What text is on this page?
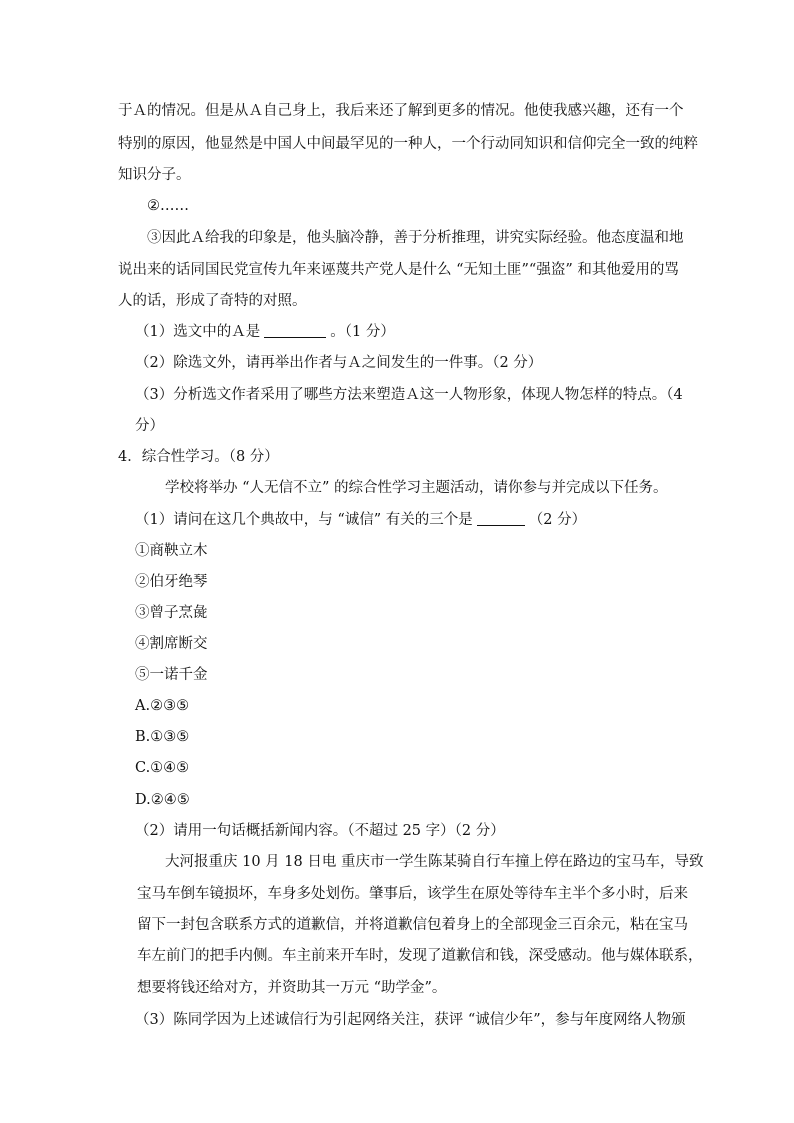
于Ａ的情况。但是从Ａ自己身上，我后来还了解到更多的情况。他使我感兴趣，还有一个
特别的原因，他显然是中国人中间最罕见的一种人，一个行动同知识和信仰完全一致的纯粹
知识分子。
②……
③因此Ａ给我的印象是，他头脑冷静，善于分析推理，讲究实际经验。他态度温和地
说出来的话同国民党宣传九年来诬蔑共产党人是什么 “无知土匪”“强盗” 和其他爱用的骂
人的话，形成了奇特的对照。
（1）选文中的Ａ是	。（1 分）
（2）除选文外，请再举出作者与Ａ之间发生的一件事。（2 分）
（3）分析选文作者采用了哪些方法来塑造Ａ这一人物形象，体现人物怎样的特点。（4
分）
4．综合性学习。（8 分）
学校将举办 “人无信不立” 的综合性学习主题活动，请你参与并完成以下任务。
（1）请问在这几个典故中，与 “诚信” 有关的三个是	（2 分）
①商鞅立木
②伯牙绝琴
③曾子烹彘
④割席断交
⑤一诺千金
A.②③⑤
B.①③⑤
C.①④⑤
D.②④⑤
（2）请用一句话概括新闻内容。（不超过 25 字）（2 分）
大河报重庆 10 月 18 日电 重庆市一学生陈某骑自行车撞上停在路边的宝马车，导致
宝马车倒车镜损坏，车身多处划伤。肇事后，该学生在原处等待车主半个多小时，后来
留下一封包含联系方式的道歉信，并将道歉信包着身上的全部现金三百余元，粘在宝马
车左前门的把手内侧。车主前来开车时，发现了道歉信和钱，深受感动。他与媒体联系，
想要将钱还给对方，并资助其一万元 “助学金”。
（3）陈同学因为上述诚信行为引起网络关注，获评 “诚信少年”，参与年度网络人物颁
